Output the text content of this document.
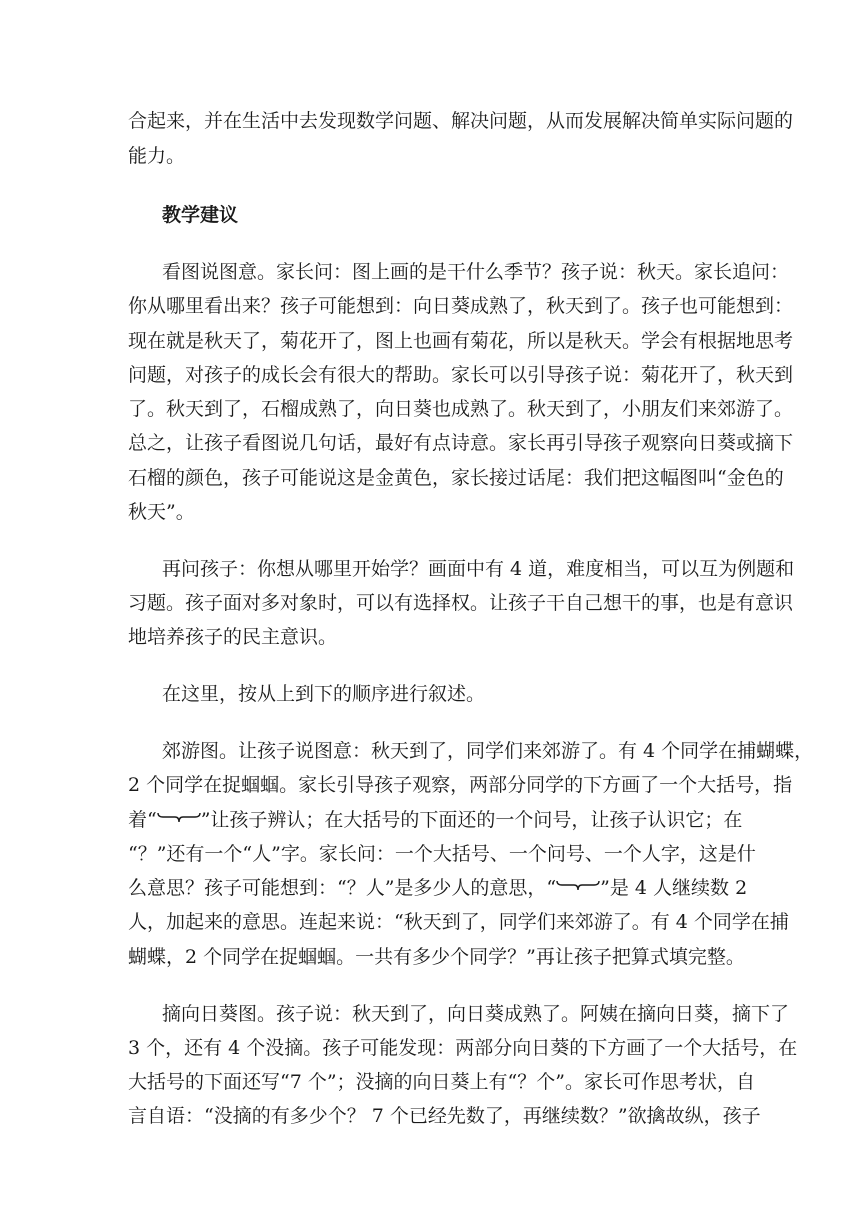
合起来，并在生活中去发现数学问题、解决问题，从而发展解决简单实际问题的
能力。
教学建议
看图说图意。家长问：图上画的是干什么季节？孩子说：秋天。家长追问：
你从哪里看出来？孩子可能想到：向日葵成熟了，秋天到了。孩子也可能想到：
现在就是秋天了，菊花开了，图上也画有菊花，所以是秋天。学会有根据地思考
问题，对孩子的成长会有很大的帮助。家长可以引导孩子说：菊花开了，秋天到
了。秋天到了，石榴成熟了，向日葵也成熟了。秋天到了，小朋友们来郊游了。
总之，让孩子看图说几句话，最好有点诗意。家长再引导孩子观察向日葵或摘下
石榴的颜色，孩子可能说这是金黄色，家长接过话尾：我们把这幅图叫“金色的
秋天”。
再问孩子：你想从哪里开始学？画面中有 4 道，难度相当，可以互为例题和
习题。孩子面对多对象时，可以有选择权。让孩子干自己想干的事，也是有意识
地培养孩子的民主意识。
在这里，按从上到下的顺序进行叙述。
郊游图。让孩子说图意：秋天到了，同学们来郊游了。有 4 个同学在捕蝴蝶，
2 个同学在捉蝈蝈。家长引导孩子观察，两部分同学的下方画了一个大括号，指
着“ ”让孩子辨认；在大括号的下面还的一个问号，让孩子认识它；在
“？”还有一个“人”字。家长问：一个大括号、一个问号、一个人字，这是什
么意思？孩子可能想到：“？人”是多少人的意思，“ ”是 4 人继续数 2
人，加起来的意思。连起来说：“秋天到了，同学们来郊游了。有 4 个同学在捕
蝴蝶，2 个同学在捉蝈蝈。一共有多少个同学？”再让孩子把算式填完整。
摘向日葵图。孩子说：秋天到了，向日葵成熟了。阿姨在摘向日葵，摘下了
3 个，还有 4 个没摘。孩子可能发现：两部分向日葵的下方画了一个大括号，在
大括号的下面还写“7 个”；没摘的向日葵上有“？个”。家长可作思考状，自
言自语：“没摘的有多少个？ 7 个已经先数了，再继续数？”欲擒故纵，孩子
